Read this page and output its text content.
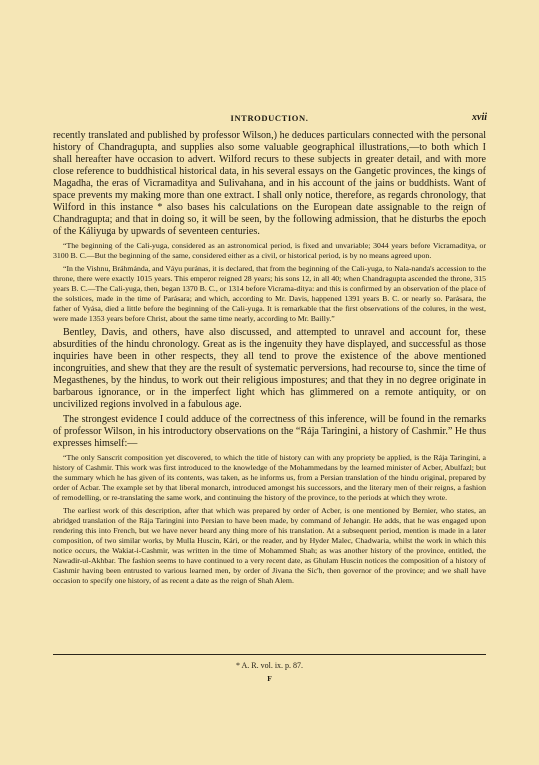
INTRODUCTION.	xvii

recently translated and published by professor Wilson,) he deduces particulars connected with the personal history of Chandragupta, and supplies also some valuable geographical illustrations,—to both which I shall hereafter have occasion to advert. Wilford recurs to these subjects in greater detail, and with more close reference to buddhistical historical data, in his several essays on the Gangetic provinces, the kings of Magadha, the eras of Vicramaditya and Sulivahana, and in his account of the jains or buddhists. Want of space prevents my making more than one extract. I shall only notice, therefore, as regards chronology, that Wilford in this instance * also bases his calculations on the European date assignable to the reign of Chandragupta; and that in doing so, it will be seen, by the following admission, that he disturbs the epoch of the Káliyuga by upwards of seventeen centuries.

“The beginning of the Cali-yuga, considered as an astronomical period, is fixed and unvariable; 3044 years before Vicramaditya, or 3100 B. C.—But the beginning of the same, considered either as a civil, or historical period, is by no means agreed upon.

“In the Vishnu, Bráhmánda, and Váyu puránas, it is declared, that from the beginning of the Cali-yuga, to Nala-nanda's accession to the throne, there were exactly 1015 years. This emperor reigned 28 years; his sons 12, in all 40; when Chandragupta ascended the throne, 315 years B. C.—The Cali-yuga, then, began 1370 B. C., or 1314 before Vicrama-ditya: and this is confirmed by an observation of the place of the solstices, made in the time of Parásara; and which, according to Mr. Davis, happened 1391 years B. C. or nearly so. Parásara, the father of Vyása, died a little before the beginning of the Cali-yuga. It is remarkable that the first observations of the colures, in the west, were made 1353 years before Christ, about the same time nearly, according to Mr. Bailly.”

Bentley, Davis, and others, have also discussed, and attempted to unravel and account for, these absurdities of the hindu chronology. Great as is the ingenuity they have displayed, and successful as those inquiries have been in other respects, they all tend to prove the existence of the above mentioned incongruities, and shew that they are the result of systematic perversions, had recourse to, since the time of Megasthenes, by the hindus, to work out their religious impostures; and that they in no degree originate in barbarous ignorance, or in the imperfect light which has glimmered on a remote antiquity, or on uncivilized regions involved in a fabulous age.

The strongest evidence I could adduce of the correctness of this inference, will be found in the remarks of professor Wilson, in his introductory observations on the “Rája Taringini, a history of Cashmir.” He thus expresses himself:—

“The only Sanscrit composition yet discovered, to which the title of history can with any propriety be applied, is the Rája Taringini, a history of Cashmir. This work was first introduced to the knowledge of the Mohammedans by the learned minister of Acber, Abulfazl; but the summary which he has given of its contents, was taken, as he informs us, from a Persian translation of the hindu original, prepared by order of Acbar. The example set by that liberal monarch, introduced amongst his successors, and the literary men of their reigns, a fashion of remodelling, or re-translating the same work, and continuing the history of the province, to the periods at which they wrote.

The earliest work of this description, after that which was prepared by order of Acber, is one mentioned by Bernier, who states, an abridged translation of the Rája Taringini into Persian to have been made, by command of Jehangir. He adds, that he was engaged upon rendering this into French, but we have never heard any thing more of his translation. At a subsequent period, mention is made in a later composition, of two similar works, by Mulla Huscin, Kári, or the reader, and by Hyder Malec, Chadwaria, whilst the work in which this notice occurs, the Wakiat-i-Cashmir, was written in the time of Mohammed Shah; as was another history of the province, entitled, the Nawadir-ul-Akhbar. The fashion seems to have continued to a very recent date, as Ghulam Huscin notices the composition of a history of Cashmir having been entrusted to various learned men, by order of Jivana the Sic'h, then governor of the province; and we shall have occasion to specify one history, of as recent a date as the reign of Shah Alem.

* A. R. vol. ix. p. 87.
F
